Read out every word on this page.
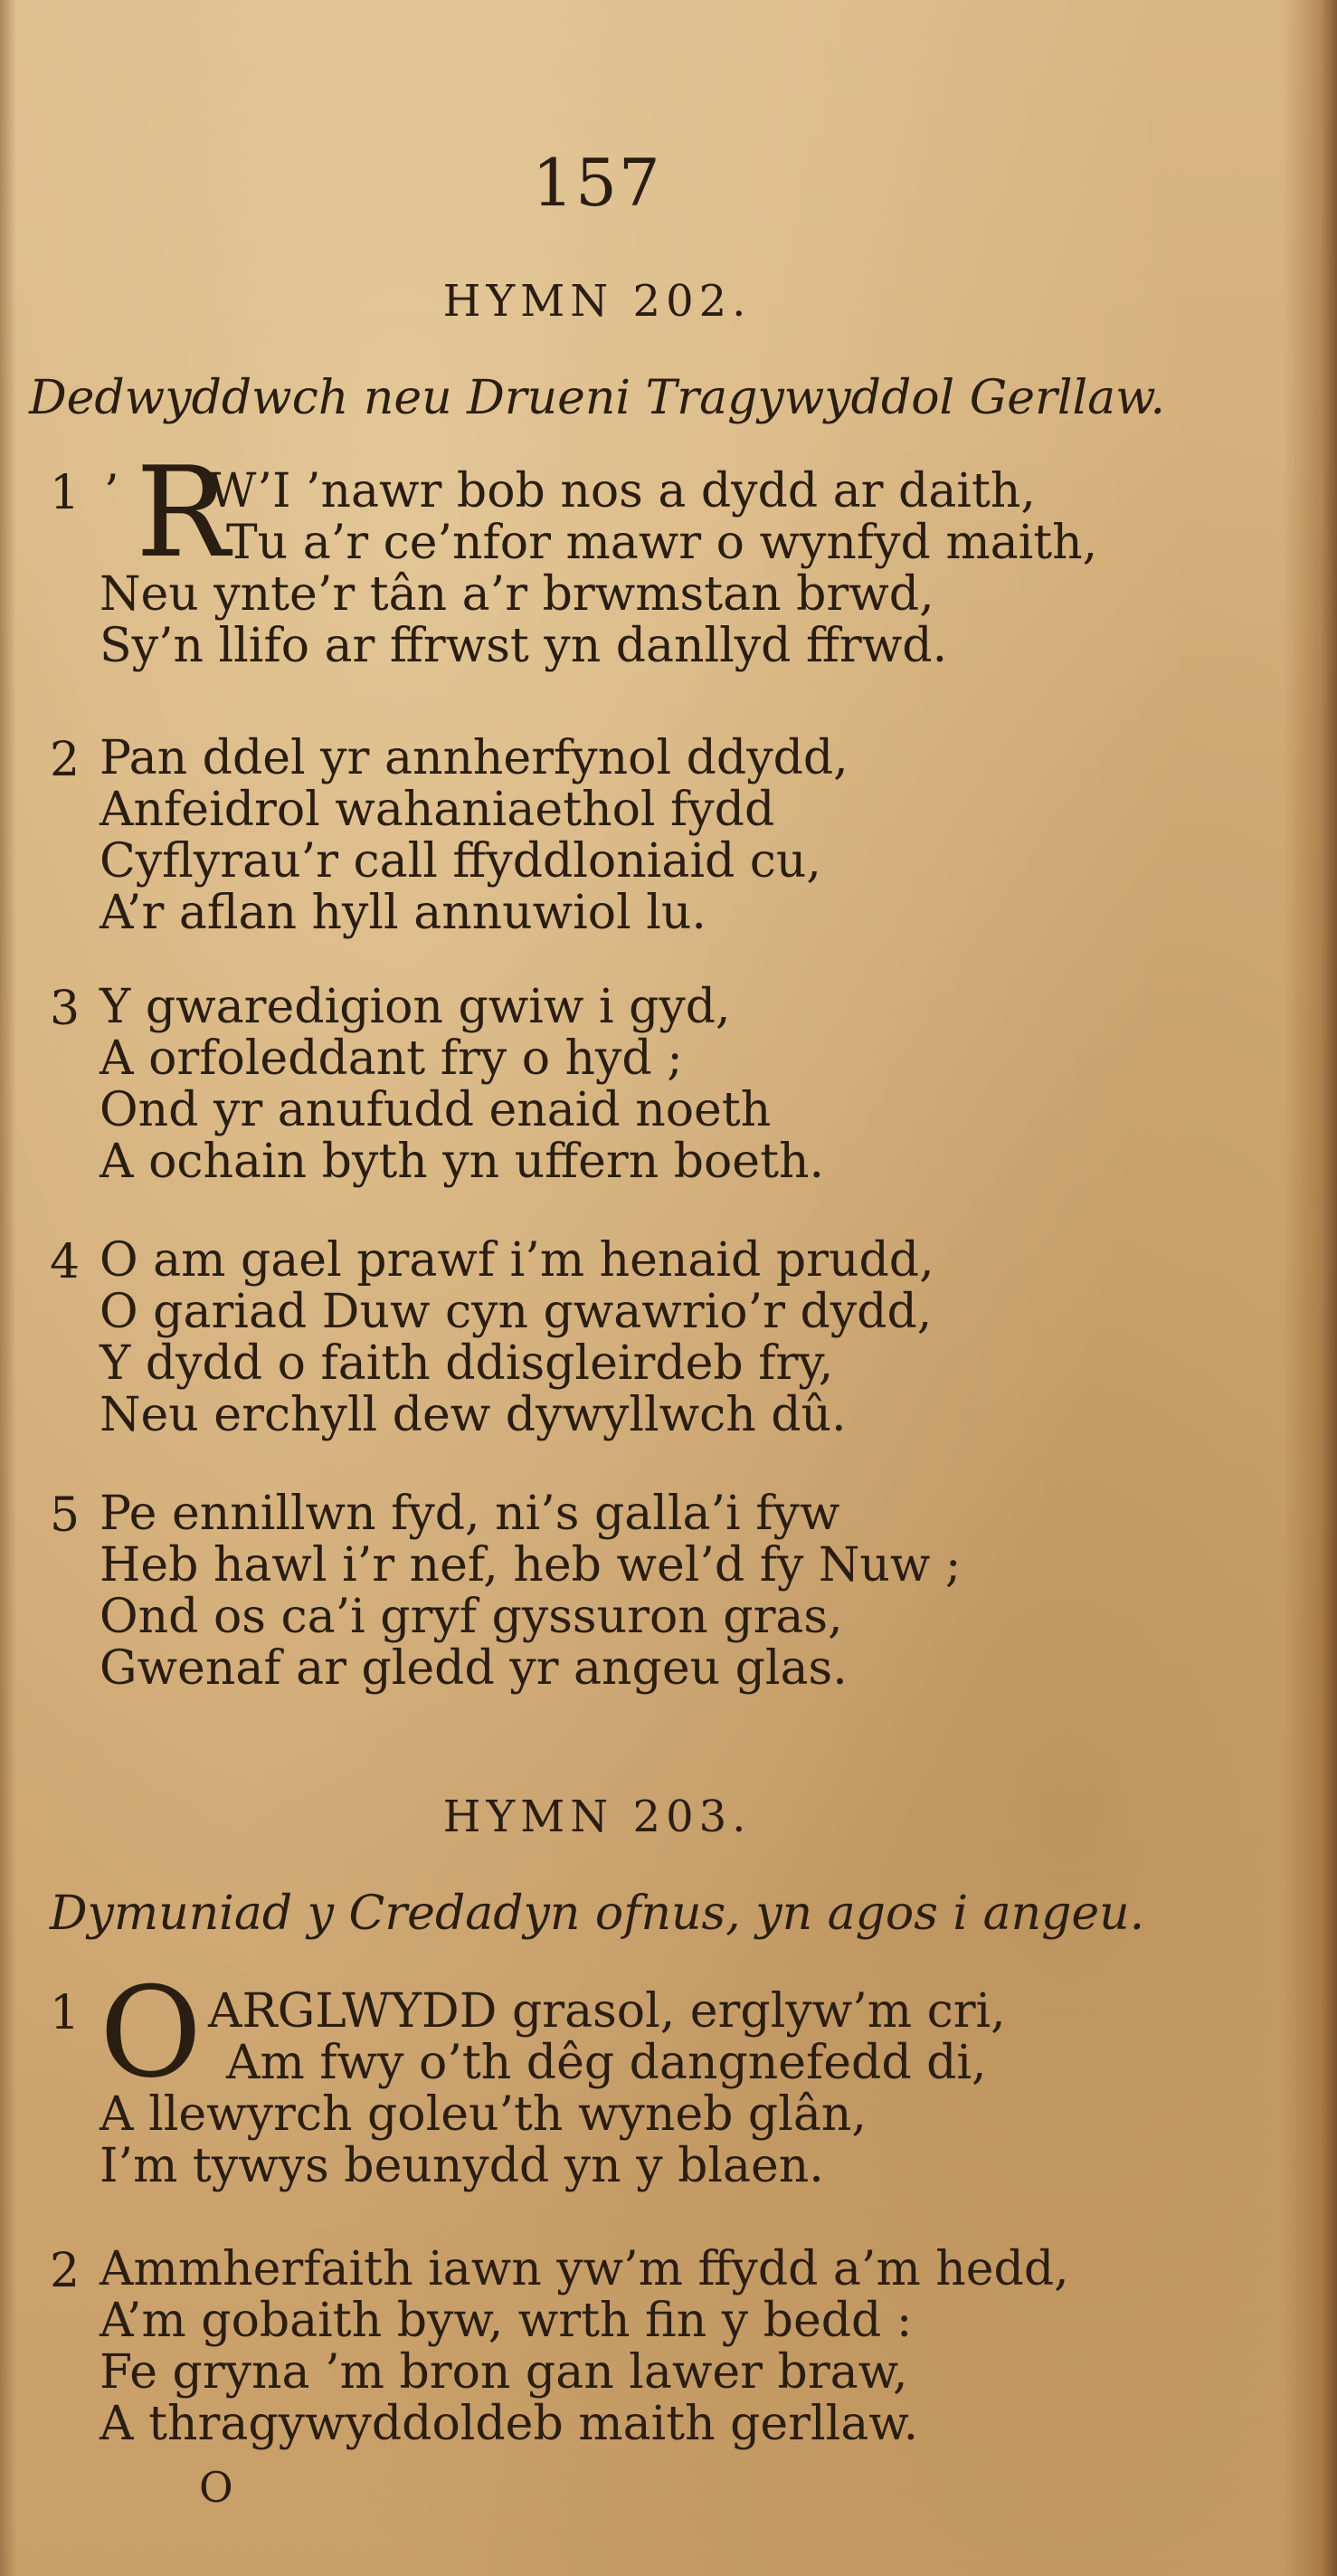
157
HYMN 202.
Dedwyddwch neu Drueni Tragywyddol Gerllaw.
1 ’ R
W’I ’nawr bob nos a dydd ar daith,
Tu a’r ce’nfor mawr o wynfyd maith,
Neu ynte’r tân a’r brwmstan brwd,
Sy’n llifo ar ffrwst yn danllyd ffrwd.
2 Pan ddel yr annherfynol ddydd,
Anfeidrol wahaniaethol fydd
Cyflyrau’r call ffyddloniaid cu,
A’r aflan hyll annuwiol lu.
3 Y gwaredigion gwiw i gyd,
A orfoleddant fry o hyd ;
Ond yr anufudd enaid noeth
A ochain byth yn uffern boeth.
4 O am gael prawf i’m henaid prudd,
O gariad Duw cyn gwawrio’r dydd,
Y dydd o faith ddisgleirdeb fry,
Neu erchyll dew dywyllwch dû.
5 Pe ennillwn fyd, ni’s galla’i fyw
Heb hawl i’r nef, heb wel’d fy Nuw ;
Ond os ca’i gryf gyssuron gras,
Gwenaf ar gledd yr angeu glas.
HYMN 203.
Dymuniad y Credadyn ofnus, yn agos i angeu.
1 O ARGLWYDD grasol, erglyw’m cri,
Am fwy o’th dêg dangnefedd di,
A llewyrch goleu’th wyneb glân,
I’m tywys beunydd yn y blaen.
2 Ammherfaith iawn yw’m ffydd a’m hedd,
A’m gobaith byw, wrth fin y bedd :
Fe gryna ’m bron gan lawer braw,
A thragywyddoldeb maith gerllaw.
O
